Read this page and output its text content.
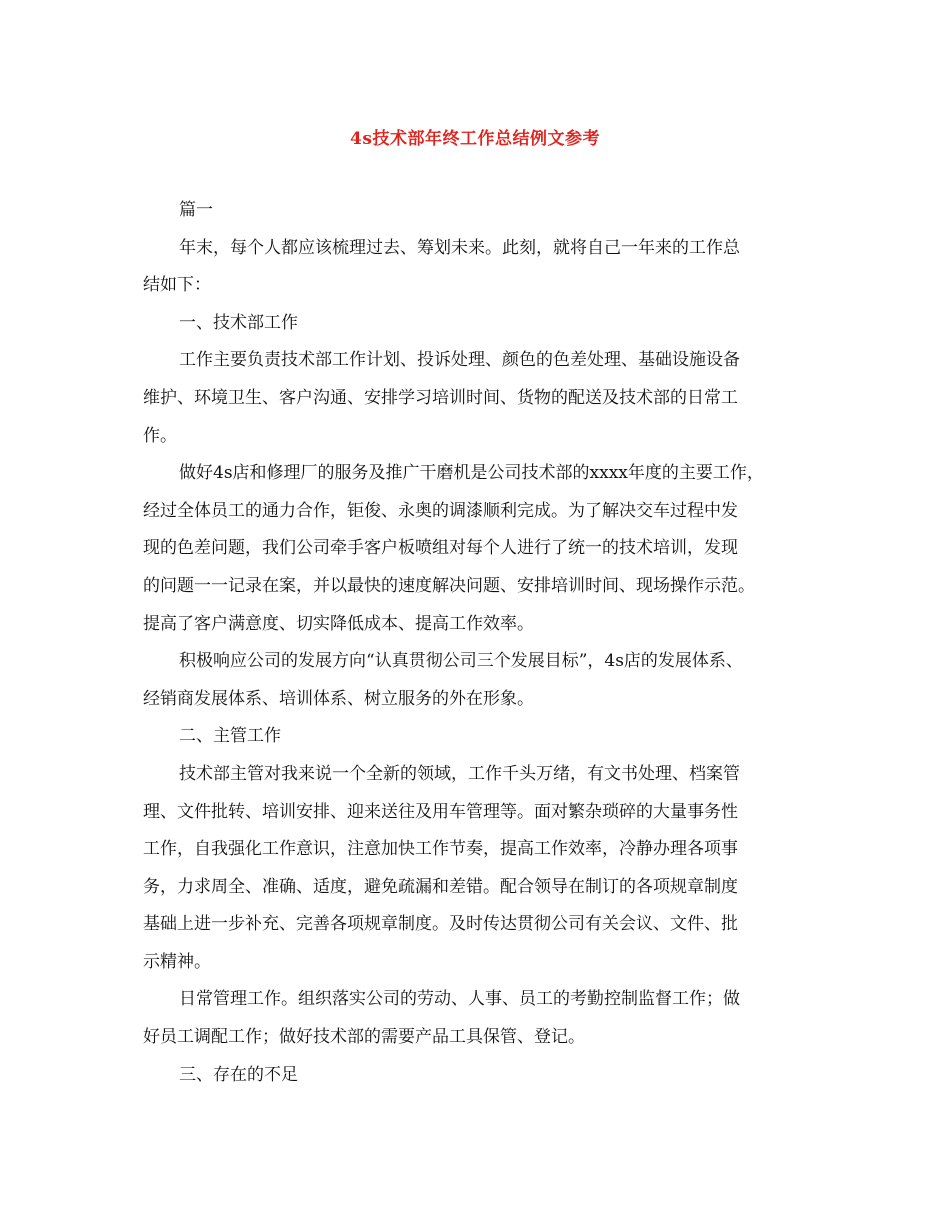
4s技术部年终工作总结例文参考
篇一
年末，每个人都应该梳理过去、筹划未来。此刻，就将自己一年来的工作总
结如下：
一、技术部工作
工作主要负责技术部工作计划、投诉处理、颜色的色差处理、基础设施设备
维护、环境卫生、客户沟通、安排学习培训时间、货物的配送及技术部的日常工
作。
做好4s店和修理厂的服务及推广干磨机是公司技术部的xxxx年度的主要工作，
经过全体员工的通力合作，钜俊、永奥的调漆顺利完成。为了解决交车过程中发
现的色差问题，我们公司牵手客户板喷组对每个人进行了统一的技术培训，发现
的问题一一记录在案，并以最快的速度解决问题、安排培训时间、现场操作示范。
提高了客户满意度、切实降低成本、提高工作效率。
积极响应公司的发展方向“认真贯彻公司三个发展目标”，4s店的发展体系、
经销商发展体系、培训体系、树立服务的外在形象。
二、主管工作
技术部主管对我来说一个全新的领域，工作千头万绪，有文书处理、档案管
理、文件批转、培训安排、迎来送往及用车管理等。面对繁杂琐碎的大量事务性
工作，自我强化工作意识，注意加快工作节奏，提高工作效率，冷静办理各项事
务，力求周全、准确、适度，避免疏漏和差错。配合领导在制订的各项规章制度
基础上进一步补充、完善各项规章制度。及时传达贯彻公司有关会议、文件、批
示精神。
日常管理工作。组织落实公司的劳动、人事、员工的考勤控制监督工作；做
好员工调配工作；做好技术部的需要产品工具保管、登记。
三、存在的不足
